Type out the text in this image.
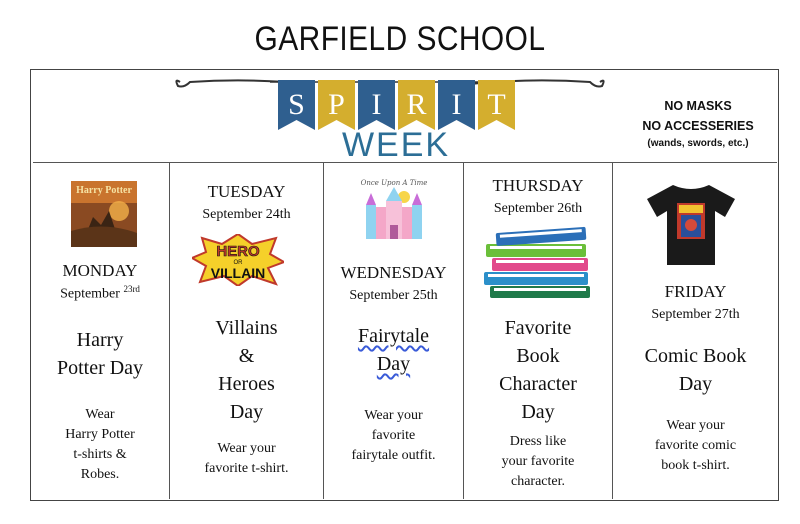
GARFIELD SCHOOL
S P I R I T
WEEK
NO MASKS
NO ACCESSERIES
(wands, swords, etc.)
Harry Potter
MONDAY
September $^{23rd}$
Harry
Potter Day
Wear
Harry Potter
t-shirts &
Robes.
TUESDAY
September 24th
HERO
OR
VILLAIN
Villains
&
Heroes
Day
Wear your
favorite t-shirt.
Once Upon A Time
WEDNESDAY
September 25th
Fairytale
Day
Wear your
favorite
fairytale outfit.
THURSDAY
September 26th
Favorite
Book
Character
Day
Dress like
your favorite
character.
FRIDAY
September 27th
Comic Book
Day
Wear your
favorite comic
book t-shirt.
